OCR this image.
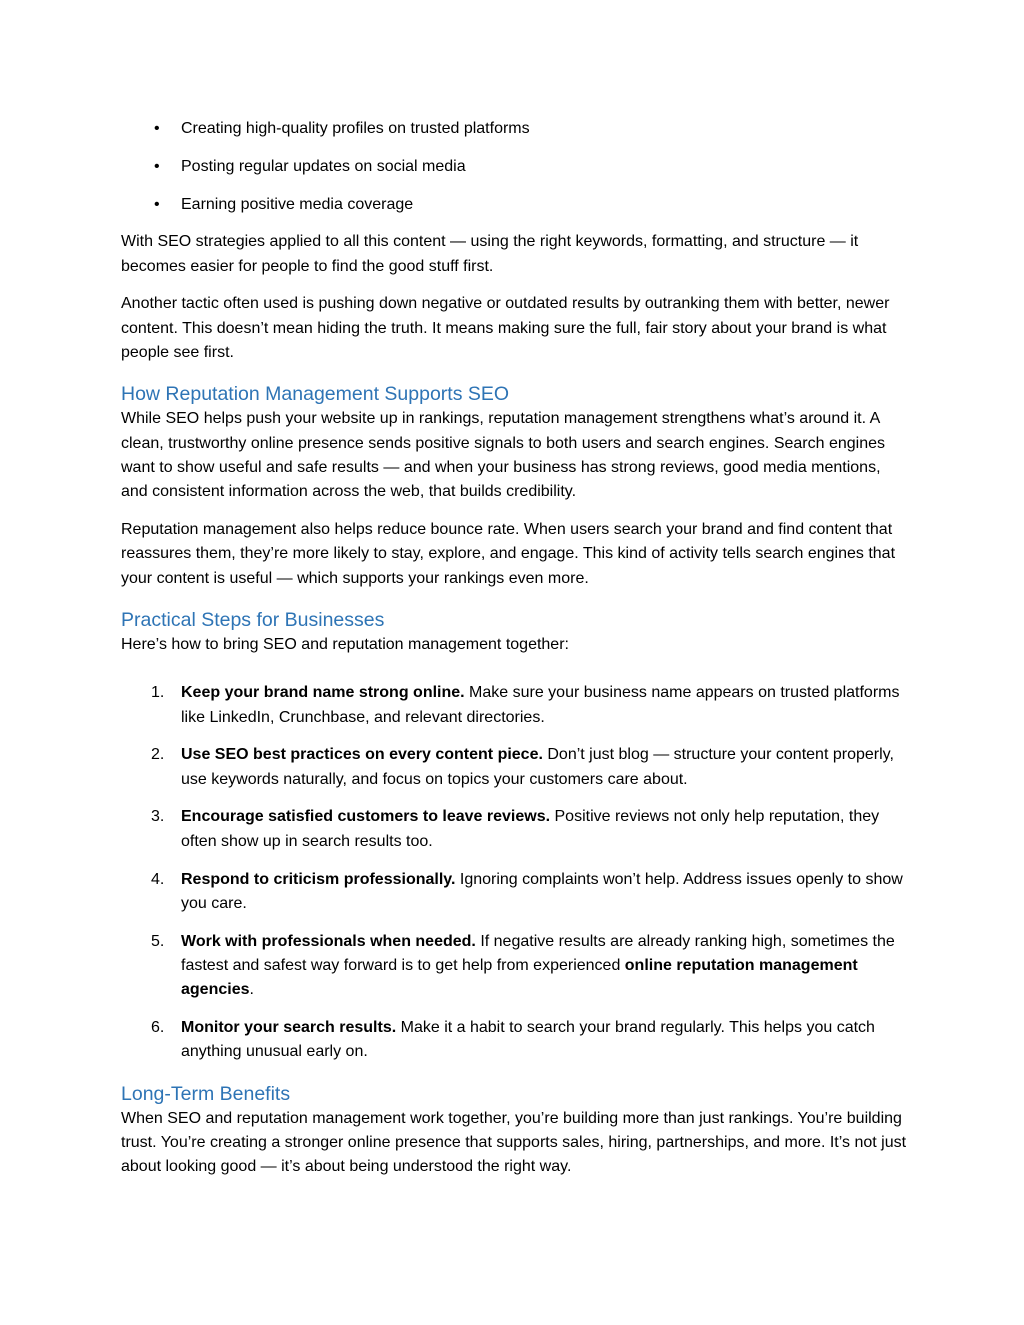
• Creating high-quality profiles on trusted platforms
• Posting regular updates on social media
• Earning positive media coverage

With SEO strategies applied to all this content — using the right keywords, formatting, and structure — it becomes easier for people to find the good stuff first.

Another tactic often used is pushing down negative or outdated results by outranking them with better, newer content. This doesn’t mean hiding the truth. It means making sure the full, fair story about your brand is what people see first.

How Reputation Management Supports SEO

While SEO helps push your website up in rankings, reputation management strengthens what’s around it. A clean, trustworthy online presence sends positive signals to both users and search engines. Search engines want to show useful and safe results — and when your business has strong reviews, good media mentions, and consistent information across the web, that builds credibility.

Reputation management also helps reduce bounce rate. When users search your brand and find content that reassures them, they’re more likely to stay, explore, and engage. This kind of activity tells search engines that your content is useful — which supports your rankings even more.

Practical Steps for Businesses

Here’s how to bring SEO and reputation management together:

1. Keep your brand name strong online. Make sure your business name appears on trusted platforms like LinkedIn, Crunchbase, and relevant directories.
2. Use SEO best practices on every content piece. Don’t just blog — structure your content properly, use keywords naturally, and focus on topics your customers care about.
3. Encourage satisfied customers to leave reviews. Positive reviews not only help reputation, they often show up in search results too.
4. Respond to criticism professionally. Ignoring complaints won’t help. Address issues openly to show you care.
5. Work with professionals when needed. If negative results are already ranking high, sometimes the fastest and safest way forward is to get help from experienced online reputation management agencies.
6. Monitor your search results. Make it a habit to search your brand regularly. This helps you catch anything unusual early on.
Long-Term Benefits

When SEO and reputation management work together, you’re building more than just rankings. You’re building trust. You’re creating a stronger online presence that supports sales, hiring, partnerships, and more. It’s not just about looking good — it’s about being understood the right way.
